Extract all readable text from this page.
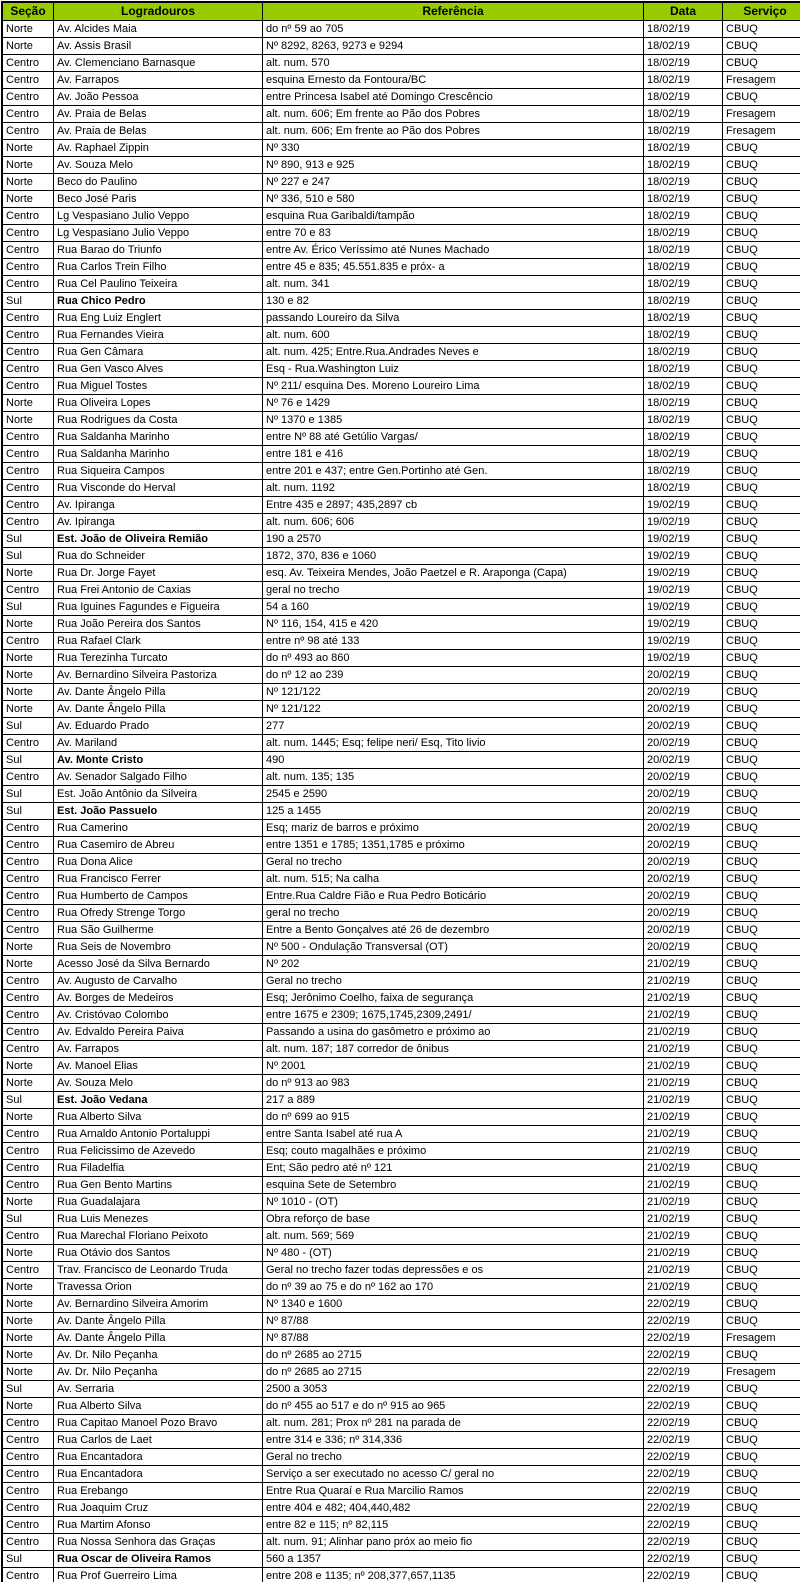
Seção	Logradouros	Referência	Data	Serviço
Norte	Av. Alcides Maia	do nº 59 ao 705	18/02/19	CBUQ
Norte	Av. Assis Brasil	Nº 8292, 8263, 9273 e 9294	18/02/19	CBUQ
Centro	Av. Clemenciano Barnasque	alt. num. 570	18/02/19	CBUQ
Centro	Av. Farrapos	esquina Ernesto da Fontoura/BC	18/02/19	Fresagem
Centro	Av. João Pessoa	entre Princesa Isabel até Domingo Crescêncio	18/02/19	CBUQ
Centro	Av. Praia de Belas	alt. num. 606; Em frente ao Pão dos Pobres	18/02/19	Fresagem
Centro	Av. Praia de Belas	alt. num. 606; Em frente ao Pão dos Pobres	18/02/19	Fresagem
Norte	Av. Raphael Zippin	Nº 330	18/02/19	CBUQ
Norte	Av. Souza Melo	Nº 890, 913 e 925	18/02/19	CBUQ
Norte	Beco do Paulino	Nº 227 e 247	18/02/19	CBUQ
Norte	Beco José Paris	Nº 336, 510 e 580	18/02/19	CBUQ
Centro	Lg Vespasiano Julio Veppo	esquina Rua Garibaldi/tampão	18/02/19	CBUQ
Centro	Lg Vespasiano Julio Veppo	entre 70 e 83	18/02/19	CBUQ
Centro	Rua Barao do Triunfo	entre Av. Érico Veríssimo até Nunes Machado	18/02/19	CBUQ
Centro	Rua Carlos Trein Filho	entre 45 e 835; 45.551.835 e próx- a	18/02/19	CBUQ
Centro	Rua Cel Paulino Teixeira	alt. num. 341	18/02/19	CBUQ
Sul	Rua Chico Pedro	130 e 82	18/02/19	CBUQ
Centro	Rua Eng Luiz Englert	passando Loureiro da Silva	18/02/19	CBUQ
Centro	Rua Fernandes Vieira	alt. num. 600	18/02/19	CBUQ
Centro	Rua Gen Câmara	alt. num. 425; Entre.Rua.Andrades Neves e	18/02/19	CBUQ
Centro	Rua Gen Vasco Alves	Esq - Rua.Washington Luiz	18/02/19	CBUQ
Centro	Rua Miguel Tostes	Nº 211/ esquina Des. Moreno Loureiro Lima	18/02/19	CBUQ
Norte	Rua Oliveira Lopes	Nº 76 e 1429	18/02/19	CBUQ
Norte	Rua Rodrigues da Costa	Nº 1370 e 1385	18/02/19	CBUQ
Centro	Rua Saldanha Marinho	entre Nº 88 até Getúlio Vargas/	18/02/19	CBUQ
Centro	Rua Saldanha Marinho	entre 181 e 416	18/02/19	CBUQ
Centro	Rua Siqueira Campos	entre 201 e 437; entre Gen.Portinho até Gen.	18/02/19	CBUQ
Centro	Rua Visconde do Herval	alt. num. 1192	18/02/19	CBUQ
Centro	Av. Ipiranga	Entre 435 e 2897; 435,2897 cb	19/02/19	CBUQ
Centro	Av. Ipiranga	alt. num. 606; 606	19/02/19	CBUQ
Sul	Est. João de Oliveira Remião	190 a 2570	19/02/19	CBUQ
Sul	Rua do Schneider	1872, 370, 836 e 1060	19/02/19	CBUQ
Norte	Rua Dr. Jorge Fayet	esq. Av. Teixeira Mendes, João Paetzel e R. Araponga (Capa)	19/02/19	CBUQ
Centro	Rua Frei Antonio de Caxias	geral no trecho	19/02/19	CBUQ
Sul	Rua Iguines Fagundes e Figueira	54 a 160	19/02/19	CBUQ
Norte	Rua João Pereira dos Santos	Nº 116, 154, 415 e 420	19/02/19	CBUQ
Centro	Rua Rafael Clark	entre nº 98 até 133	19/02/19	CBUQ
Norte	Rua Terezinha Turcato	do nº 493 ao 860	19/02/19	CBUQ
Norte	Av. Bernardino Silveira Pastoriza	do nº 12 ao 239	20/02/19	CBUQ
Norte	Av. Dante Ângelo Pilla	Nº 121/122	20/02/19	CBUQ
Norte	Av. Dante Ângelo Pilla	Nº 121/122	20/02/19	CBUQ
Sul	Av. Eduardo Prado	277	20/02/19	CBUQ
Centro	Av. Mariland	alt. num. 1445; Esq; felipe neri/ Esq, Tito livio	20/02/19	CBUQ
Sul	Av. Monte Cristo	490	20/02/19	CBUQ
Centro	Av. Senador Salgado Filho	alt. num. 135; 135	20/02/19	CBUQ
Sul	Est. João Antônio da Silveira	2545 e 2590	20/02/19	CBUQ
Sul	Est. João Passuelo	125 a 1455	20/02/19	CBUQ
Centro	Rua Camerino	Esq; mariz de barros e próximo	20/02/19	CBUQ
Centro	Rua Casemiro de Abreu	entre 1351 e 1785; 1351,1785 e próximo	20/02/19	CBUQ
Centro	Rua Dona Alice	Geral no trecho	20/02/19	CBUQ
Centro	Rua Francisco Ferrer	alt. num. 515; Na calha	20/02/19	CBUQ
Centro	Rua Humberto de Campos	Entre.Rua Caldre Fião e Rua Pedro Boticário	20/02/19	CBUQ
Centro	Rua Ofredy Strenge Torgo	geral no trecho	20/02/19	CBUQ
Centro	Rua São Guilherme	Entre a Bento Gonçalves até 26 de dezembro	20/02/19	CBUQ
Norte	Rua Seis de Novembro	Nº 500 - Ondulação Transversal (OT)	20/02/19	CBUQ
Norte	Acesso José da Silva Bernardo	Nº 202	21/02/19	CBUQ
Centro	Av. Augusto de Carvalho	Geral no trecho	21/02/19	CBUQ
Centro	Av. Borges de Medeiros	Esq; Jerônimo Coelho, faixa de segurança	21/02/19	CBUQ
Centro	Av. Cristóvao Colombo	entre 1675 e 2309; 1675,1745,2309,2491/	21/02/19	CBUQ
Centro	Av. Edvaldo Pereira Paiva	Passando a usina do gasômetro e próximo ao	21/02/19	CBUQ
Centro	Av. Farrapos	alt. num. 187; 187 corredor de ônibus	21/02/19	CBUQ
Norte	Av. Manoel Elias	Nº 2001	21/02/19	CBUQ
Norte	Av. Souza Melo	do nº 913 ao 983	21/02/19	CBUQ
Sul	Est. João Vedana	217 a 889	21/02/19	CBUQ
Norte	Rua Alberto Silva	do nº 699 ao 915	21/02/19	CBUQ
Centro	Rua Arnaldo Antonio Portaluppi	entre Santa Isabel até rua A	21/02/19	CBUQ
Centro	Rua Felicissimo de Azevedo	Esq; couto magalhães e próximo	21/02/19	CBUQ
Centro	Rua Filadelfia	Ent; São pedro até nº 121	21/02/19	CBUQ
Centro	Rua Gen Bento Martins	esquina Sete de Setembro	21/02/19	CBUQ
Norte	Rua Guadalajara	Nº 1010 - (OT)	21/02/19	CBUQ
Sul	Rua Luis Menezes	Obra reforço de base	21/02/19	CBUQ
Centro	Rua Marechal Floriano Peixoto	alt. num. 569; 569	21/02/19	CBUQ
Norte	Rua Otávio dos Santos	Nº 480 - (OT)	21/02/19	CBUQ
Centro	Trav. Francisco de Leonardo Truda	Geral no trecho fazer todas depressões e os	21/02/19	CBUQ
Norte	Travessa Orion	do nº 39 ao 75 e do nº 162 ao 170	21/02/19	CBUQ
Norte	Av. Bernardino Silveira Amorim	Nº 1340 e 1600	22/02/19	CBUQ
Norte	Av. Dante Ângelo Pilla	Nº 87/88	22/02/19	CBUQ
Norte	Av. Dante Ângelo Pilla	Nº 87/88	22/02/19	Fresagem
Norte	Av. Dr. Nilo Peçanha	do nº 2685 ao 2715	22/02/19	CBUQ
Norte	Av. Dr. Nilo Peçanha	do nº 2685 ao 2715	22/02/19	Fresagem
Sul	Av. Serraria	2500 a 3053	22/02/19	CBUQ
Norte	Rua Alberto Silva	do nº 455 ao 517 e do nº 915 ao 965	22/02/19	CBUQ
Centro	Rua Capitao Manoel Pozo Bravo	alt. num. 281; Prox nº 281 na parada de	22/02/19	CBUQ
Centro	Rua Carlos de Laet	entre 314 e 336; nº 314,336	22/02/19	CBUQ
Centro	Rua Encantadora	Geral no trecho	22/02/19	CBUQ
Centro	Rua Encantadora	Serviço a ser executado no acesso C/ geral no	22/02/19	CBUQ
Centro	Rua Erebango	Entre Rua Quaraí e Rua Marcilio Ramos	22/02/19	CBUQ
Centro	Rua Joaquim Cruz	entre 404 e 482; 404,440,482	22/02/19	CBUQ
Centro	Rua Martim Afonso	entre 82 e 115; nº 82,115	22/02/19	CBUQ
Centro	Rua Nossa Senhora das Graças	alt. num. 91; Alinhar pano próx ao meio fio	22/02/19	CBUQ
Sul	Rua Oscar de Oliveira Ramos	560 a 1357	22/02/19	CBUQ
Centro	Rua Prof Guerreiro Lima	entre 208 e 1135; nº 208,377,657,1135	22/02/19	CBUQ
